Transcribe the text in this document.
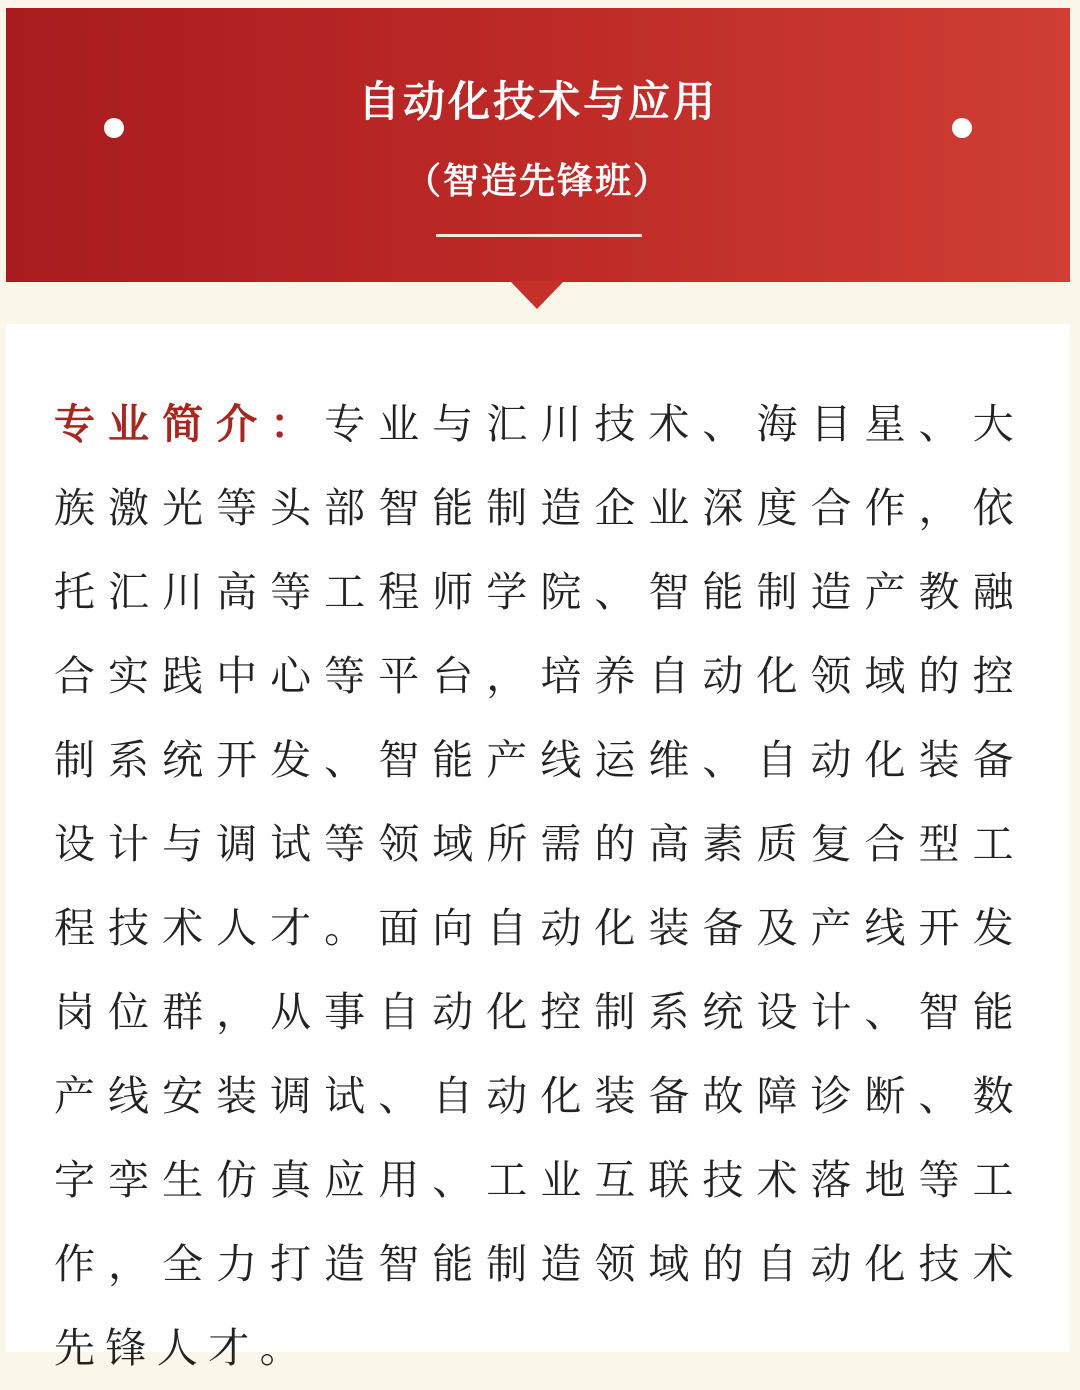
自动化技术与应用
（智造先锋班）

专业简介：专业与汇川技术、海目星、大族激光等头部智能制造企业深度合作，依托汇川高等工程师学院、智能制造产教融合实践中心等平台，培养自动化领域的控制系统开发、智能产线运维、自动化装备设计与调试等领域所需的高素质复合型工程技术人才。面向自动化装备及产线开发岗位群，从事自动化控制系统设计、智能产线安装调试、自动化装备故障诊断、数字孪生仿真应用、工业互联技术落地等工作，全力打造智能制造领域的自动化技术先锋人才。
